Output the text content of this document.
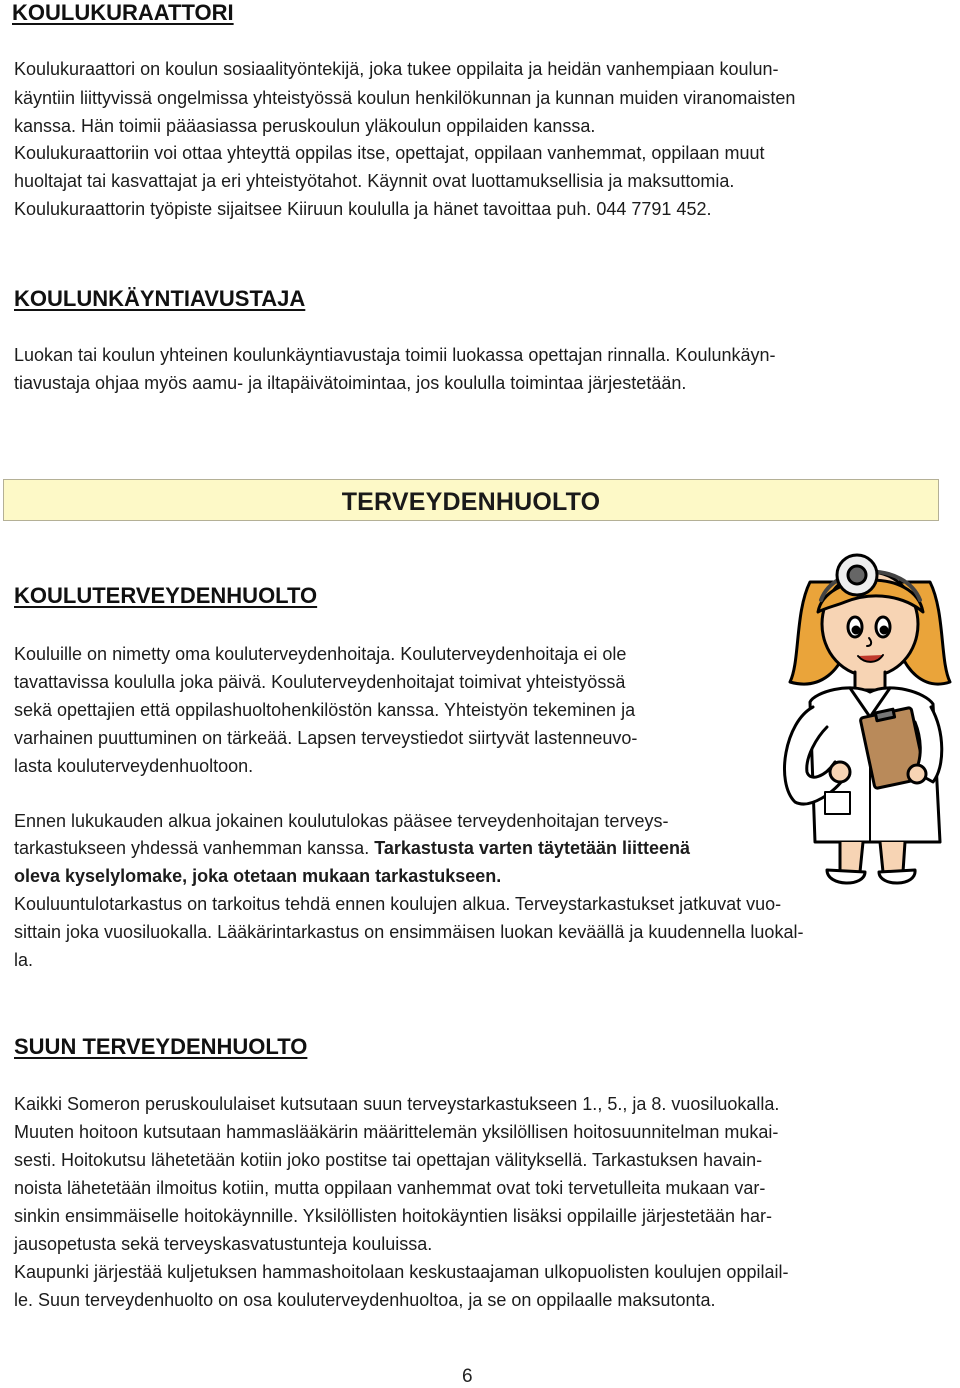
KOULUKURAATTORI
Koulukuraattori on koulun sosiaalityöntekijä, joka tukee oppilaita ja heidän vanhempiaan koulun-
käyntiin liittyvissä ongelmissa yhteistyössä koulun henkilökunnan ja kunnan muiden viranomaisten
kanssa. Hän toimii pääasiassa peruskoulun yläkoulun oppilaiden kanssa.
Koulukuraattoriin voi ottaa yhteyttä oppilas itse, opettajat, oppilaan vanhemmat, oppilaan muut
huoltajat tai kasvattajat ja eri yhteistyötahot. Käynnit ovat luottamuksellisia ja maksuttomia.
Koulukuraattorin työpiste sijaitsee Kiiruun koululla ja hänet tavoittaa puh. 044 7791 452.
KOULUNKÄYNTIAVUSTAJA
Luokan tai koulun yhteinen koulunkäyntiavustaja toimii luokassa opettajan rinnalla. Koulunkäyn-
tiavustaja ohjaa myös aamu- ja iltapäivätoimintaa, jos koululla toimintaa järjestetään.
TERVEYDENHUOLTO
KOULUTERVEYDENHUOLTO
Kouluille on nimetty oma kouluterveydenhoitaja. Kouluterveydenhoitaja ei ole
tavattavissa koululla joka päivä. Kouluterveydenhoitajat toimivat yhteistyössä
sekä opettajien että oppilashuoltohenkilöstön kanssa. Yhteistyön tekeminen ja
varhainen puuttuminen on tärkeää. Lapsen terveystiedot siirtyvät lastenneuvo-
lasta kouluterveydenhuoltoon.
Ennen lukukauden alkua jokainen koulutulokas pääsee terveydenhoitajan terveys-
tarkastukseen yhdessä vanhemman kanssa. Tarkastusta varten täytetään liitteenä
oleva kyselylomake, joka otetaan mukaan tarkastukseen.
Kouluuntulotarkastus on tarkoitus tehdä ennen koulujen alkua. Terveystarkastukset jatkuvat vuo-
sittain joka vuosiluokalla. Lääkärintarkastus on ensimmäisen luokan keväällä ja kuudennella luokal-
la.
SUUN TERVEYDENHUOLTO
Kaikki Someron peruskoululaiset kutsutaan suun terveystarkastukseen 1., 5., ja 8. vuosiluokalla.
Muuten hoitoon kutsutaan hammaslääkärin määrittelemän yksilöllisen hoitosuunnitelman mukai-
sesti. Hoitokutsu lähetetään kotiin joko postitse tai opettajan välityksellä. Tarkastuksen havain-
noista lähetetään ilmoitus kotiin, mutta oppilaan vanhemmat ovat toki tervetulleita mukaan var-
sinkin ensimmäiselle hoitokäynnille. Yksilöllisten hoitokäyntien lisäksi oppilaille järjestetään har-
jausopetusta sekä terveyskasvatustunteja kouluissa.
Kaupunki järjestää kuljetuksen hammashoitolaan keskustaajaman ulkopuolisten koulujen oppilail-
le. Suun terveydenhuolto on osa kouluterveydenhuoltoa, ja se on oppilaalle maksutonta.
6
